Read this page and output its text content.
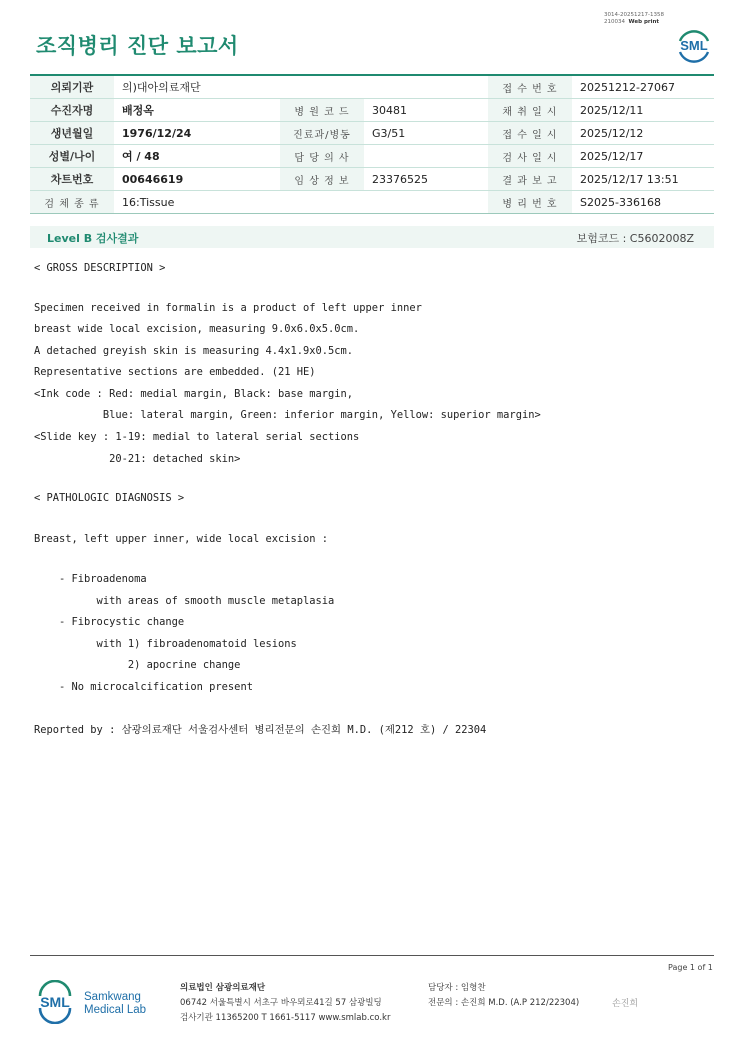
3014-20251217-1358
210034 Web print
조직병리 진단 보고서	SML
의뢰기관	의)대아의료재단			접 수 번 호	20251212-27067
수진자명	배정옥	병 원 코 드	30481	채 취 일 시	2025/12/11
생년월일	1976/12/24	진료과/병동	G3/51	접 수 일 시	2025/12/12
성별/나이	여 / 48	담 당 의 사		검 사 일 시	2025/12/17
차트번호	00646619	임 상 정 보	23376525	결 과 보 고	2025/12/17 13:51
검 체 종 류	16:Tissue			병 리 번 호	S2025-336168
Level B 검사결과	보험코드 : C5602008Z
< GROSS DESCRIPTION >
Specimen received in formalin is a product of left upper inner
breast wide local excision, measuring 9.0x6.0x5.0cm.
A detached greyish skin is measuring 4.4x1.9x0.5cm.
Representative sections are embedded. (21 HE)
<Ink code : Red: medial margin, Black: base margin,
Blue: lateral margin, Green: inferior margin, Yellow: superior margin>
<Slide key : 1-19: medial to lateral serial sections
20-21: detached skin>
< PATHOLOGIC DIAGNOSIS >
Breast, left upper inner, wide local excision :
- Fibroadenoma
with areas of smooth muscle metaplasia
- Fibrocystic change
with 1) fibroadenomatoid lesions
2) apocrine change
- No microcalcification present
Reported by : 삼광의료재단 서울검사센터 병리전문의 손진희 M.D. (제212 호) / 22304
Page 1 of 1
SML Samkwang
Medical Lab
의료법인 삼광의료재단
06742 서울특별시 서초구 바우뫼로41길 57 삼광빌딩
검사기관 11365200 T 1661-5117 www.smlab.co.kr
담당자 : 임형찬
전문의 : 손진희 M.D. (A.P 212/22304)	손진희
